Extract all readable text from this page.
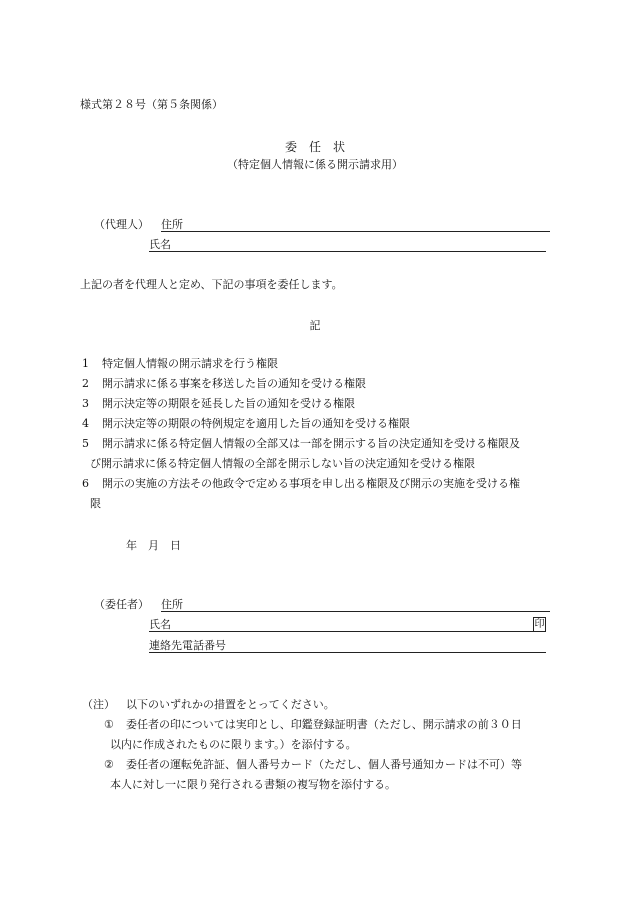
様式第２８号（第５条関係）
委　任　状
（特定個人情報に係る開示請求用）
（代理人） 住所
氏名
上記の者を代理人と定め、下記の事項を委任します。
記
1 特定個人情報の開示請求を行う権限
2 開示請求に係る事案を移送した旨の通知を受ける権限
3 開示決定等の期限を延長した旨の通知を受ける権限
4 開示決定等の期限の特例規定を適用した旨の通知を受ける権限
5 開示請求に係る特定個人情報の全部又は一部を開示する旨の決定通知を受ける権限及
び開示請求に係る特定個人情報の全部を開示しない旨の決定通知を受ける権限
6 開示の実施の方法その他政令で定める事項を申し出る権限及び開示の実施を受ける権
限
年　月　日
（委任者） 住所
氏名	印
連絡先電話番号
（注） 以下のいずれかの措置をとってください。
① 委任者の印については実印とし、印鑑登録証明書（ただし、開示請求の前３０日
以内に作成されたものに限ります。）を添付する。
② 委任者の運転免許証、個人番号カード（ただし、個人番号通知カードは不可）等
本人に対し一に限り発行される書類の複写物を添付する。
